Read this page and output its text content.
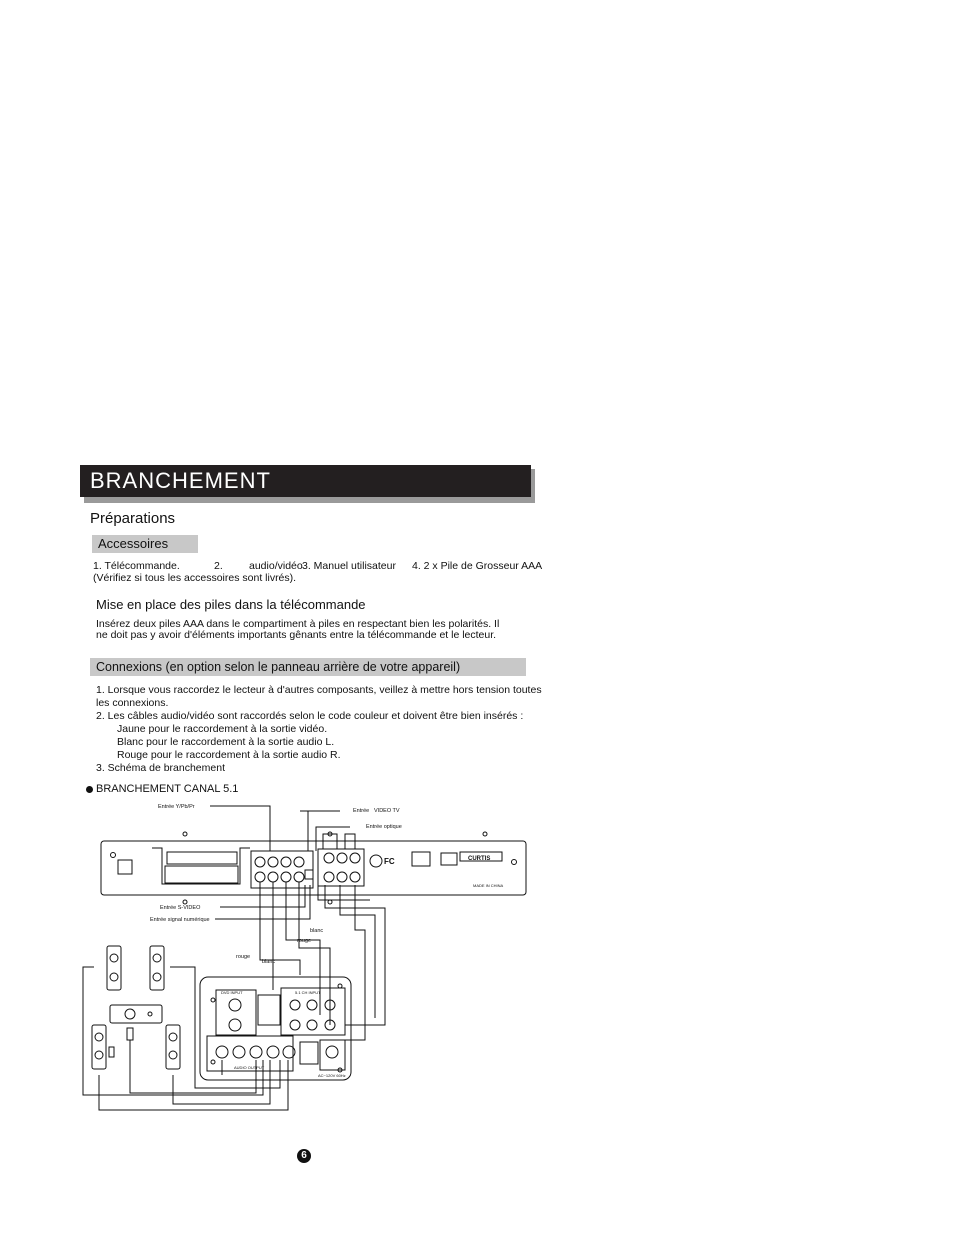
BRANCHEMENT
Préparations
Accessoires
1. Télécommande.	2. audio/vidéo 3. Manuel utilisateur 4. 2 x Pile de Grosseur AAA
(Vérifiez si tous les accessoires sont livrés).
Mise en place des piles dans la télécommande
Insérez deux piles AAA dans le compartiment à piles en respectant bien les polarités. Il
ne doit pas y avoir d'éléments importants gênants entre la télécommande et le lecteur.
Connexions (en option selon le panneau arrière de votre appareil)
1. Lorsque vous raccordez le lecteur à d'autres composants, veillez à mettre hors tension toutes
les connexions.
2. Les câbles audio/vidéo sont raccordés selon le code couleur et doivent être bien insérés :
Jaune pour le raccordement à la sortie vidéo.
Blanc pour le raccordement à la sortie audio L.
Rouge pour le raccordement à la sortie audio R.
3. Schéma de branchement
BRANCHEMENT CANAL 5.1
Entrée Y/Pb/Pr
Entrée VIDEO TV
Entrée optique
Entrée S-VIDEO
Entrée signal numérique
blanc
rouge
rouge
blanc
MADE IN CHINA
CURTIS
DVD INPUT	5.1 CH INPUT
AUDIO OUTPUT
AC~120V 60Hz
FC
6
